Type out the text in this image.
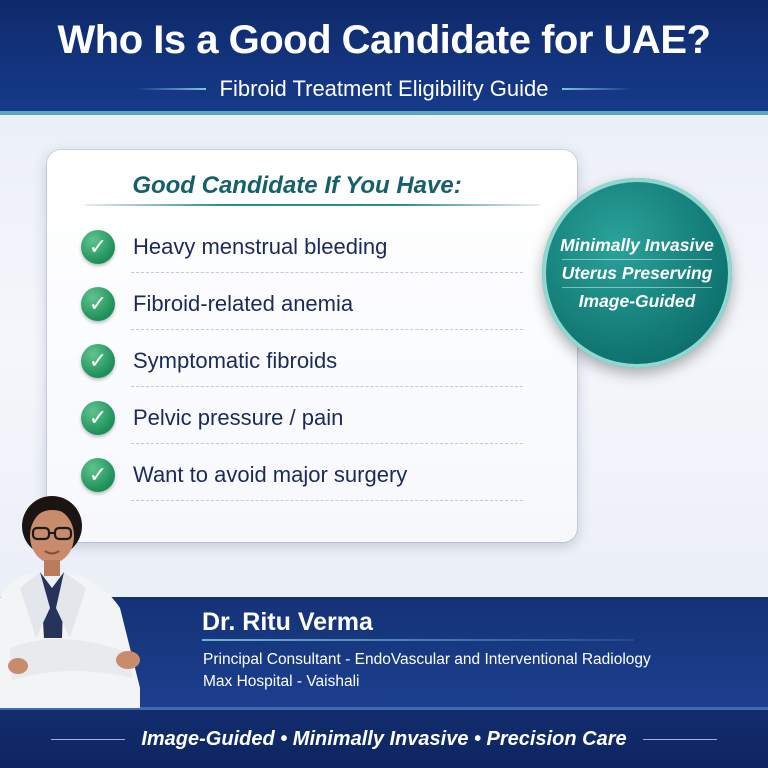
Who Is a Good Candidate for UAE?
Fibroid Treatment Eligibility Guide
Good Candidate If You Have:
✓	Heavy menstrual bleeding
✓	Fibroid-related anemia
✓	Symptomatic fibroids
✓	Pelvic pressure / pain
✓	Want to avoid major surgery
Minimally Invasive
Uterus Preserving
Image-Guided
Dr. Ritu Verma
Principal Consultant - EndoVascular and Interventional Radiology
Max Hospital - Vaishali
Image-Guided • Minimally Invasive • Precision Care
